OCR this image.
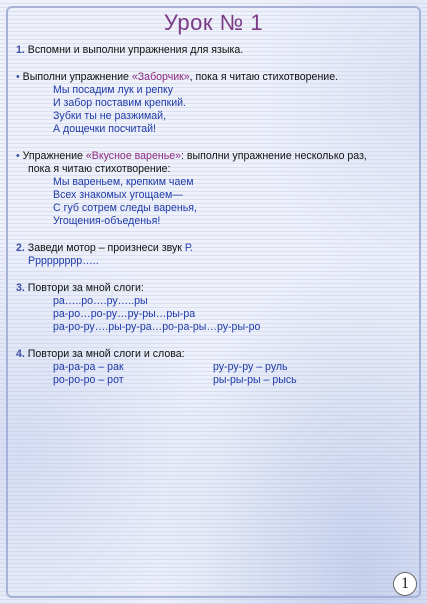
Урок № 1
1. Вспомни и выполни упражнения для языка.
• Выполни упражнение «Заборчик», пока я читаю стихотворение.
Мы посадим лук и репку
И забор поставим крепкий.
Зубки ты не разжимай,
А дощечки посчитай!
• Упражнение «Вкусное варенье»: выполни упражнение несколько раз,
пока я читаю стихотворение:
Мы вареньем, крепким чаем
Всех знакомых угощаем—
С губ сотрем следы варенья,
Угощения-объеденья!
2. Заведи мотор – произнеси звук Р.
Ррррррррр…..
3. Повтори за мной слоги:
ра…..ро….ру…..ры
ра-ро…ро-ру…ру-ры…ры-ра
ра-ро-ру….ры-ру-ра…ро-ра-ры…ру-ры-ро
4. Повтори за мной слоги и слова:
ра-ра-ра – рак	ру-ру-ру – руль
ро-ро-ро – рот	ры-ры-ры – рысь
1
